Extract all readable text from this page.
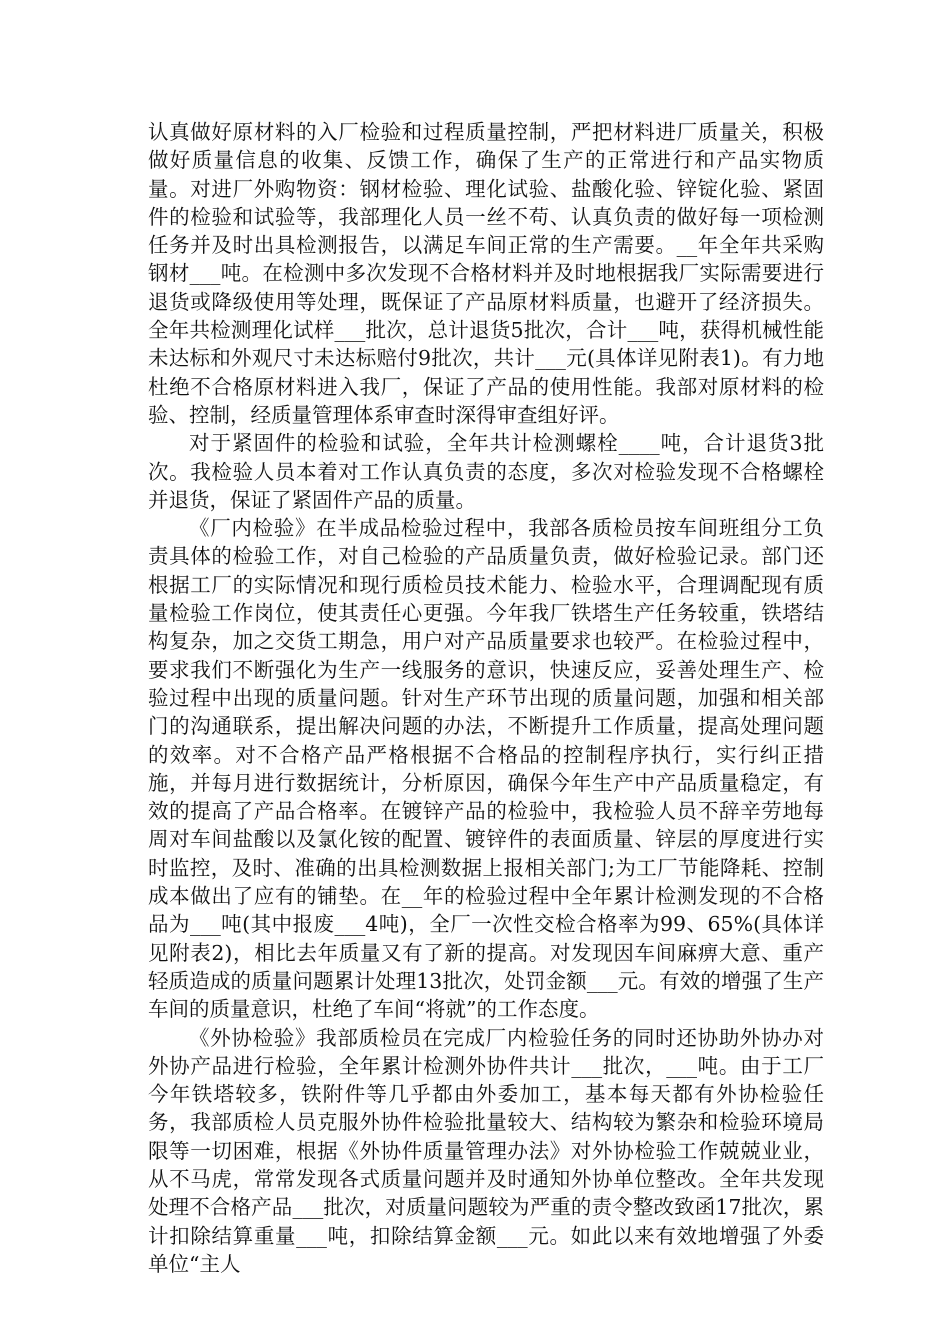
认真做好原材料的入厂检验和过程质量控制，严把材料进厂质量关，积极做好质量信息的收集、反馈工作，确保了生产的正常进行和产品实物质量。对进厂外购物资：钢材检验、理化试验、盐酸化验、锌锭化验、紧固件的检验和试验等，我部理化人员一丝不苟、认真负责的做好每一项检测任务并及时出具检测报告，以满足车间正常的生产需要。__年全年共采购钢材___吨。在检测中多次发现不合格材料并及时地根据我厂实际需要进行退货或降级使用等处理，既保证了产品原材料质量，也避开了经济损失。全年共检测理化试样___批次，总计退货5批次，合计___吨，获得机械性能未达标和外观尺寸未达标赔付9批次，共计___元(具体详见附表1)。有力地杜绝不合格原材料进入我厂，保证了产品的使用性能。我部对原材料的检验、控制，经质量管理体系审查时深得审查组好评。

对于紧固件的检验和试验，全年共计检测螺栓____吨，合计退货3批次。我检验人员本着对工作认真负责的态度，多次对检验发现不合格螺栓并退货，保证了紧固件产品的质量。

《厂内检验》在半成品检验过程中，我部各质检员按车间班组分工负责具体的检验工作，对自己检验的产品质量负责，做好检验记录。部门还根据工厂的实际情况和现行质检员技术能力、检验水平，合理调配现有质量检验工作岗位，使其责任心更强。今年我厂铁塔生产任务较重，铁塔结构复杂，加之交货工期急，用户对产品质量要求也较严。在检验过程中，要求我们不断强化为生产一线服务的意识，快速反应，妥善处理生产、检验过程中出现的质量问题。针对生产环节出现的质量问题，加强和相关部门的沟通联系，提出解决问题的办法，不断提升工作质量，提高处理问题的效率。对不合格产品严格根据不合格品的控制程序执行，实行纠正措施，并每月进行数据统计，分析原因，确保今年生产中产品质量稳定，有效的提高了产品合格率。在镀锌产品的检验中，我检验人员不辞辛劳地每周对车间盐酸以及氯化铵的配置、镀锌件的表面质量、锌层的厚度进行实时监控，及时、准确的出具检测数据上报相关部门;为工厂节能降耗、控制成本做出了应有的铺垫。在__年的检验过程中全年累计检测发现的不合格品为___吨(其中报废___4吨)，全厂一次性交检合格率为99、65%(具体详见附表2)，相比去年质量又有了新的提高。对发现因车间麻痹大意、重产轻质造成的质量问题累计处理13批次，处罚金额___元。有效的增强了生产车间的质量意识，杜绝了车间“将就”的工作态度。

《外协检验》我部质检员在完成厂内检验任务的同时还协助外协办对外协产品进行检验，全年累计检测外协件共计___批次，___吨。由于工厂今年铁塔较多，铁附件等几乎都由外委加工，基本每天都有外协检验任务，我部质检人员克服外协件检验批量较大、结构较为繁杂和检验环境局限等一切困难，根据《外协件质量管理办法》对外协检验工作兢兢业业，从不马虎，常常发现各式质量问题并及时通知外协单位整改。全年共发现处理不合格产品___批次，对质量问题较为严重的责令整改致函17批次，累计扣除结算重量___吨，扣除结算金额___元。如此以来有效地增强了外委单位“主人
